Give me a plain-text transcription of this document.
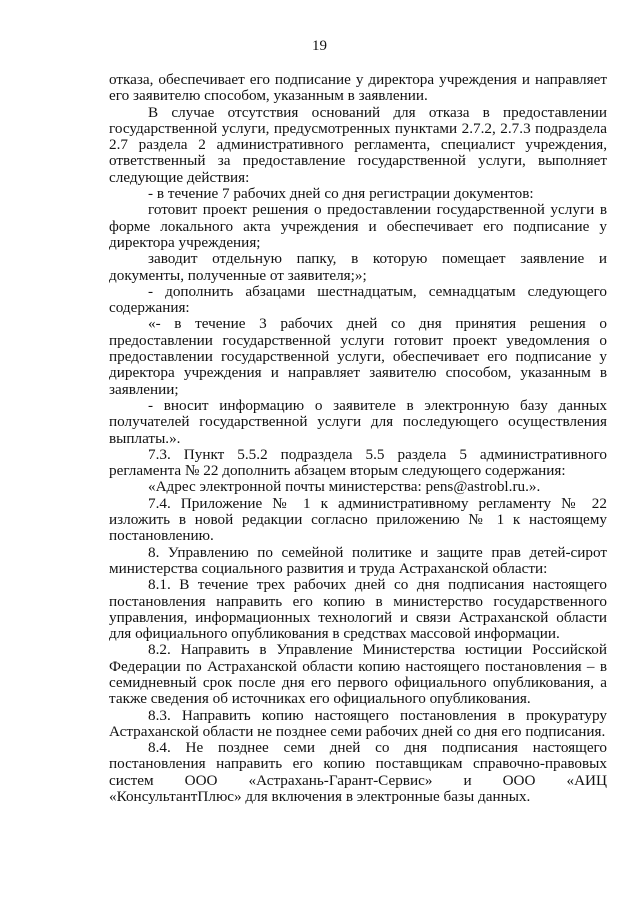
19

отказа, обеспечивает его подписание у директора учреждения и направляет его заявителю способом, указанным в заявлении.

В случае отсутствия оснований для отказа в предоставлении государственной услуги, предусмотренных пунктами 2.7.2, 2.7.3 подраздела 2.7 раздела 2 административного регламента, специалист учреждения, ответственный за предоставление государственной услуги, выполняет следующие действия:

- в течение 7 рабочих дней со дня регистрации документов:

готовит проект решения о предоставлении государственной услуги в форме локального акта учреждения и обеспечивает его подписание у директора учреждения;

заводит отдельную папку, в которую помещает заявление и документы, полученные от заявителя;»;

- дополнить абзацами шестнадцатым, семнадцатым следующего содержания:

«- в течение 3 рабочих дней со дня принятия решения о предоставлении государственной услуги готовит проект уведомления о предоставлении государственной услуги, обеспечивает его подписание у директора учреждения и направляет заявителю способом, указанным в заявлении;

- вносит информацию о заявителе в электронную базу данных получателей государственной услуги для последующего осуществления выплаты.».

7.3. Пункт 5.5.2 подраздела 5.5 раздела 5 административного регламента № 22 дополнить абзацем вторым следующего содержания:

«Адрес электронной почты министерства: pens@astrobl.ru.».

7.4. Приложение № 1 к административному регламенту № 22 изложить в новой редакции согласно приложению № 1 к настоящему постановлению.

8. Управлению по семейной политике и защите прав детей-сирот министерства социального развития и труда Астраханской области:

8.1. В течение трех рабочих дней со дня подписания настоящего постановления направить его копию в министерство государственного управления, информационных технологий и связи Астраханской области для официального опубликования в средствах массовой информации.

8.2. Направить в Управление Министерства юстиции Российской Федерации по Астраханской области копию настоящего постановления – в семидневный срок после дня его первого официального опубликования, а также сведения об источниках его официального опубликования.

8.3. Направить копию настоящего постановления в прокуратуру Астраханской области не позднее семи рабочих дней со дня его подписания.

8.4. Не позднее семи дней со дня подписания настоящего постановления направить его копию поставщикам справочно-правовых систем ООО «Астрахань-Гарант-Сервис» и ООО «АИЦ «КонсультантПлюс» для включения в электронные базы данных.
